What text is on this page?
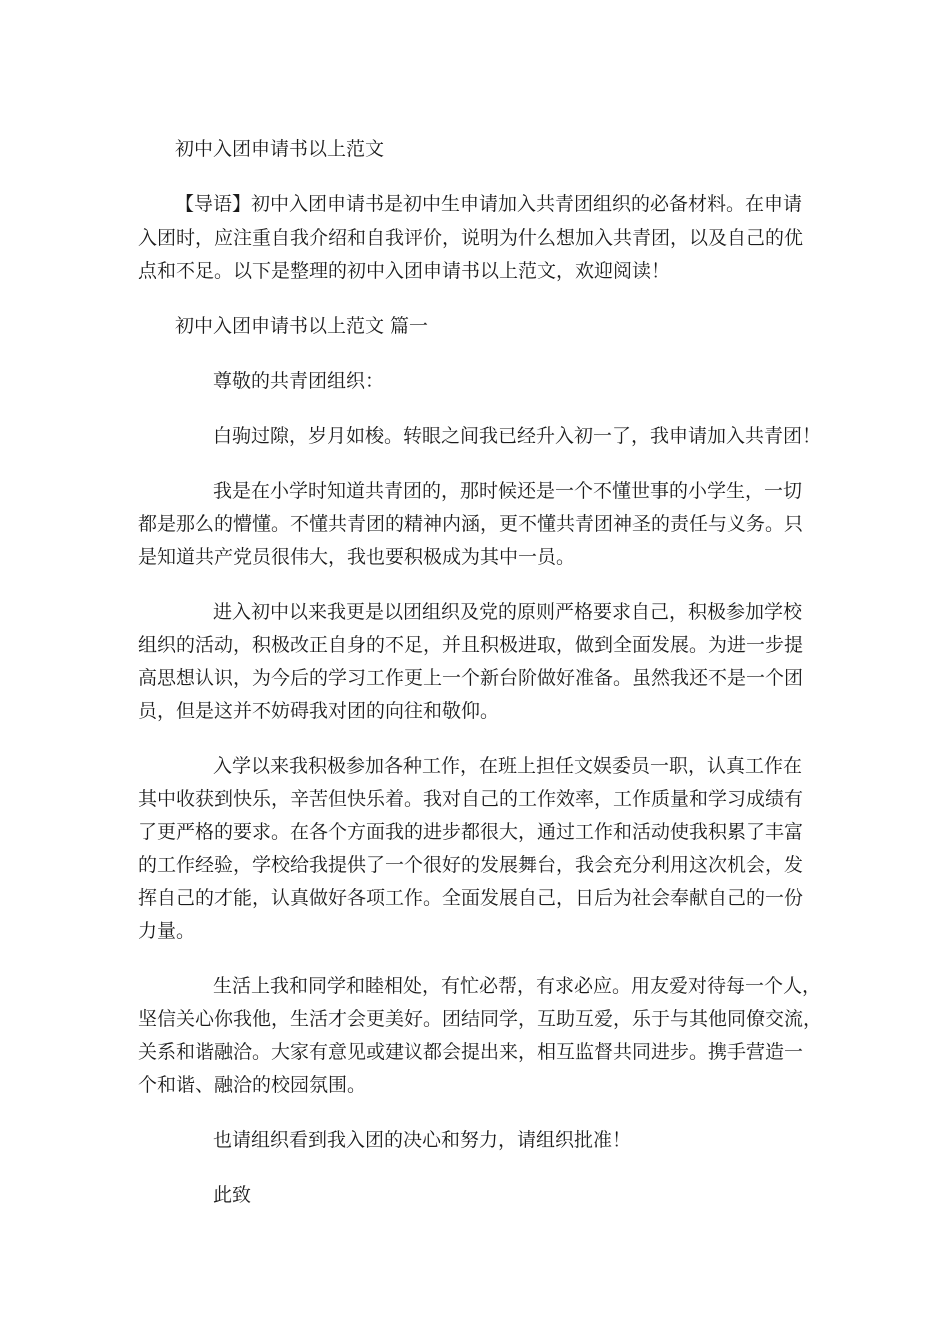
初中入团申请书以上范文
【导语】初中入团申请书是初中生申请加入共青团组织的必备材料。在申请
入团时，应注重自我介绍和自我评价，说明为什么想加入共青团，以及自己的优
点和不足。以下是整理的初中入团申请书以上范文，欢迎阅读！
初中入团申请书以上范文 篇一
尊敬的共青团组织：
白驹过隙，岁月如梭。转眼之间我已经升入初一了，我申请加入共青团！
我是在小学时知道共青团的，那时候还是一个不懂世事的小学生，一切
都是那么的懵懂。不懂共青团的精神内涵，更不懂共青团神圣的责任与义务。只
是知道共产党员很伟大，我也要积极成为其中一员。
进入初中以来我更是以团组织及党的原则严格要求自己，积极参加学校
组织的活动，积极改正自身的不足，并且积极进取，做到全面发展。为进一步提
高思想认识，为今后的学习工作更上一个新台阶做好准备。虽然我还不是一个团
员，但是这并不妨碍我对团的向往和敬仰。
入学以来我积极参加各种工作，在班上担任文娱委员一职，认真工作在
其中收获到快乐，辛苦但快乐着。我对自己的工作效率，工作质量和学习成绩有
了更严格的要求。在各个方面我的进步都很大，通过工作和活动使我积累了丰富
的工作经验，学校给我提供了一个很好的发展舞台，我会充分利用这次机会，发
挥自己的才能，认真做好各项工作。全面发展自己，日后为社会奉献自己的一份
力量。
生活上我和同学和睦相处，有忙必帮，有求必应。用友爱对待每一个人，
坚信关心你我他，生活才会更美好。团结同学，互助互爱，乐于与其他同僚交流，
关系和谐融洽。大家有意见或建议都会提出来，相互监督共同进步。携手营造一
个和谐、融洽的校园氛围。
也请组织看到我入团的决心和努力，请组织批准！
此致
